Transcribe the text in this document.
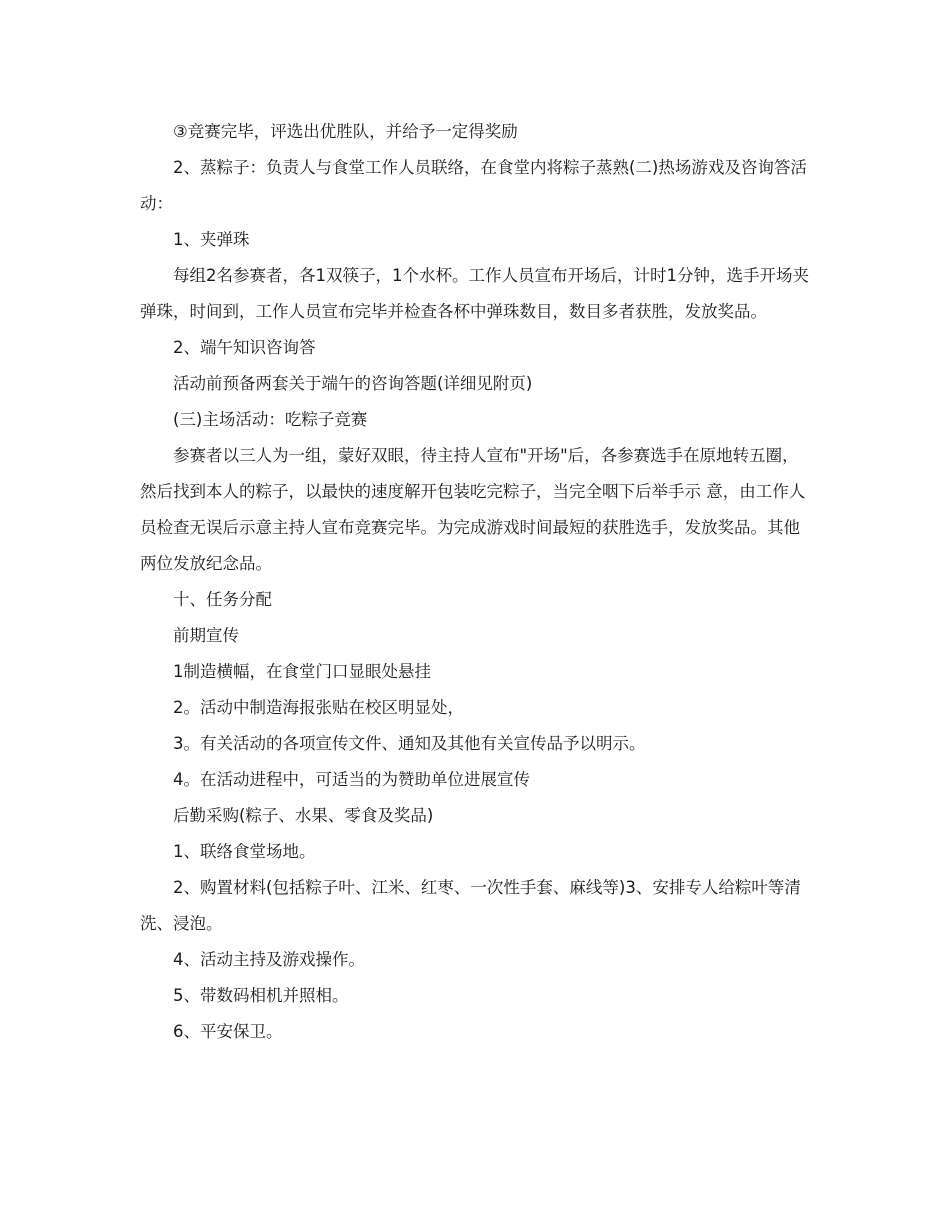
③竞赛完毕，评选出优胜队，并给予一定得奖励

2、蒸粽子：负责人与食堂工作人员联络，在食堂内将粽子蒸熟(二)热场游戏及咨询答活动：

1、夹弹珠

每组2名参赛者，各1双筷子，1个水杯。工作人员宣布开场后，计时1分钟，选手开场夹弹珠，时间到，工作人员宣布完毕并检查各杯中弹珠数目，数目多者获胜，发放奖品。

2、端午知识咨询答

活动前预备两套关于端午的咨询答题(详细见附页)

(三)主场活动：吃粽子竞赛

参赛者以三人为一组，蒙好双眼，待主持人宣布"开场"后，各参赛选手在原地转五圈，然后找到本人的粽子，以最快的速度解开包装吃完粽子，当完全咽下后举手示 意，由工作人员检查无误后示意主持人宣布竞赛完毕。为完成游戏时间最短的获胜选手，发放奖品。其他两位发放纪念品。

十、任务分配

前期宣传

1制造横幅，在食堂门口显眼处悬挂

2。活动中制造海报张贴在校区明显处，

3。有关活动的各项宣传文件、通知及其他有关宣传品予以明示。

4。在活动进程中，可适当的为赞助单位进展宣传

后勤采购(粽子、水果、零食及奖品)

1、联络食堂场地。

2、购置材料(包括粽子叶、江米、红枣、一次性手套、麻线等)3、安排专人给粽叶等清洗、浸泡。

4、活动主持及游戏操作。

5、带数码相机并照相。

6、平安保卫。
